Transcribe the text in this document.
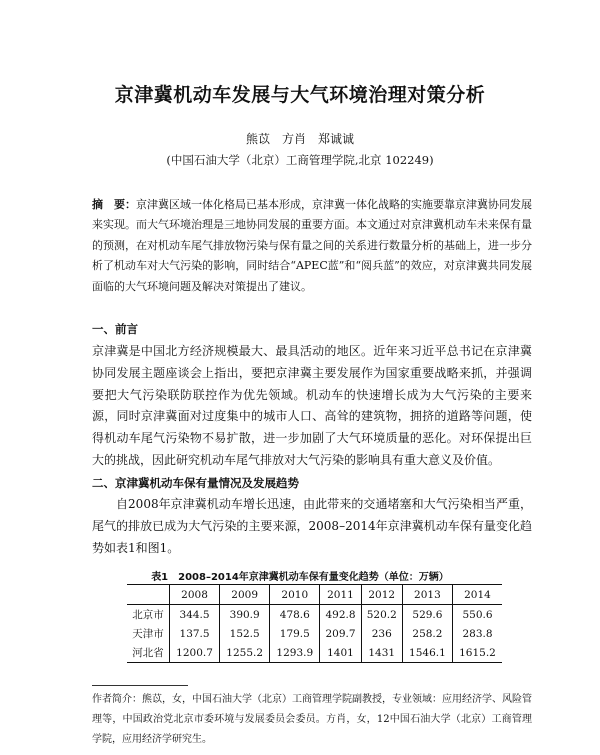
京津冀机动车发展与大气环境治理对策分析
熊苡　方肖　郑诚诚
(中国石油大学（北京）工商管理学院,北京 102249)
摘　要：京津冀区域一体化格局已基本形成，京津冀一体化战略的实施要靠京津冀协同发展来实现。而大气环境治理是三地协同发展的重要方面。本文通过对京津冀机动车未来保有量的预测，在对机动车尾气排放物污染与保有量之间的关系进行数量分析的基础上，进一步分析了机动车对大气污染的影响，同时结合“APEC蓝”和“阅兵蓝”的效应，对京津冀共同发展面临的大气环境问题及解决对策提出了建议。
一、前言
京津冀是中国北方经济规模最大、最具活动的地区。近年来习近平总书记在京津冀协同发展主题座谈会上指出，要把京津冀主要发展作为国家重要战略来抓，并强调要把大气污染联防联控作为优先领域。机动车的快速增长成为大气污染的主要来源，同时京津冀面对过度集中的城市人口、高耸的建筑物，拥挤的道路等问题，使得机动车尾气污染物不易扩散，进一步加剧了大气环境质量的恶化。对环保提出巨大的挑战，因此研究机动车尾气排放对大气污染的影响具有重大意义及价值。
二、京津冀机动车保有量情况及发展趋势
自2008年京津冀机动车增长迅速，由此带来的交通堵塞和大气污染相当严重，尾气的排放已成为大气污染的主要来源，2008–2014年京津冀机动车保有量变化趋势如表1和图1。
表1　2008–2014年京津冀机动车保有量变化趋势（单位：万辆）
	2008	2009	2010	2011	2012	2013	2014
北京市	344.5	390.9	478.6	492.8	520.2	529.6	550.6
天津市	137.5	152.5	179.5	209.7	236	258.2	283.8
河北省	1200.7	1255.2	1293.9	1401	1431	1546.1	1615.2
作者简介：熊苡，女，中国石油大学（北京）工商管理学院副教授，专业领域：应用经济学、风险管理等，中国政治党北京市委环境与发展委员会委员。方肖，女，12中国石油大学（北京）工商管理学院，应用经济学研究生。
